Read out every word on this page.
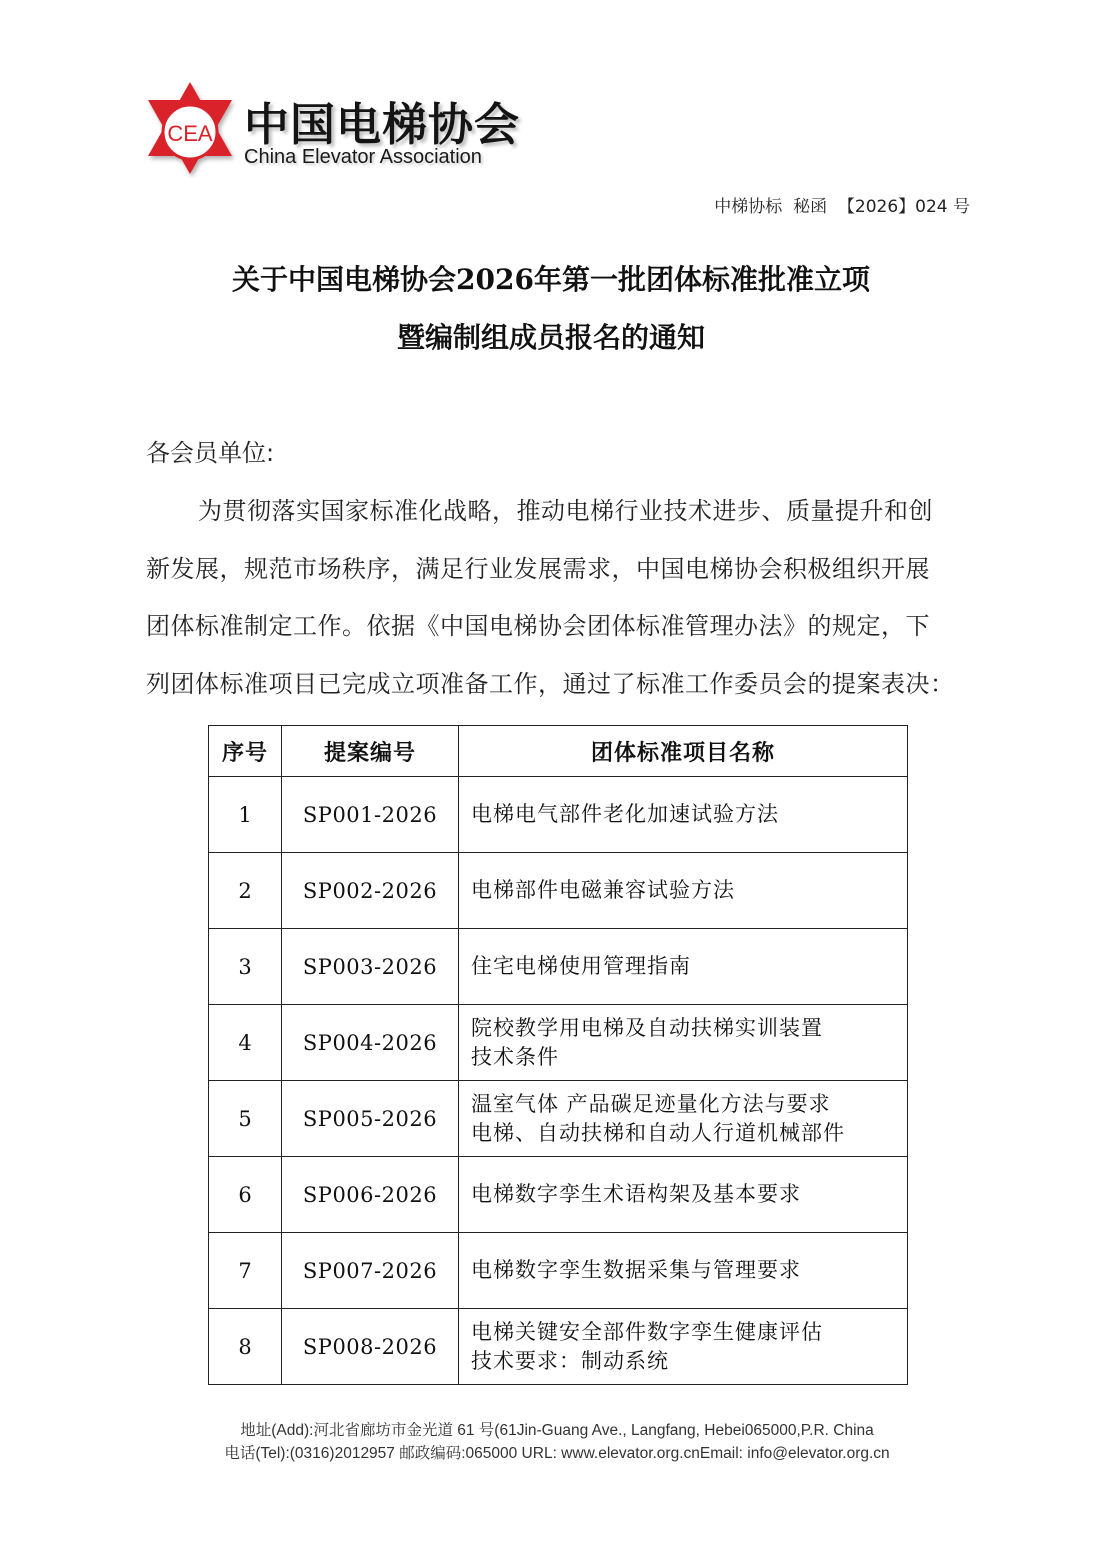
CEA 中国电梯协会
China Elevator Association
中梯协标  秘函  【2026】024 号
关于中国电梯协会2026年第一批团体标准批准立项
暨编制组成员报名的通知
各会员单位:
为贯彻落实国家标准化战略，推动电梯行业技术进步、质量提升和创
新发展，规范市场秩序，满足行业发展需求，中国电梯协会积极组织开展
团体标准制定工作。依据《中国电梯协会团体标准管理办法》的规定，下
列团体标准项目已完成立项准备工作，通过了标准工作委员会的提案表决：
序号	提案编号	团体标准项目名称
1	SP001-2026	电梯电气部件老化加速试验方法
2	SP002-2026	电梯部件电磁兼容试验方法
3	SP003-2026	住宅电梯使用管理指南
4	SP004-2026	院校教学用电梯及自动扶梯实训装置
技术条件
5	SP005-2026	温室气体 产品碳足迹量化方法与要求
电梯、自动扶梯和自动人行道机械部件
6	SP006-2026	电梯数字孪生术语构架及基本要求
7	SP007-2026	电梯数字孪生数据采集与管理要求
8	SP008-2026	电梯关键安全部件数字孪生健康评估
技术要求：制动系统
地址(Add):河北省廊坊市金光道 61 号(61Jin-Guang Ave., Langfang, Hebei065000,P.R. China
电话(Tel):(0316)2012957 邮政编码:065000 URL: www.elevator.org.cnEmail: info@elevator.org.cn
